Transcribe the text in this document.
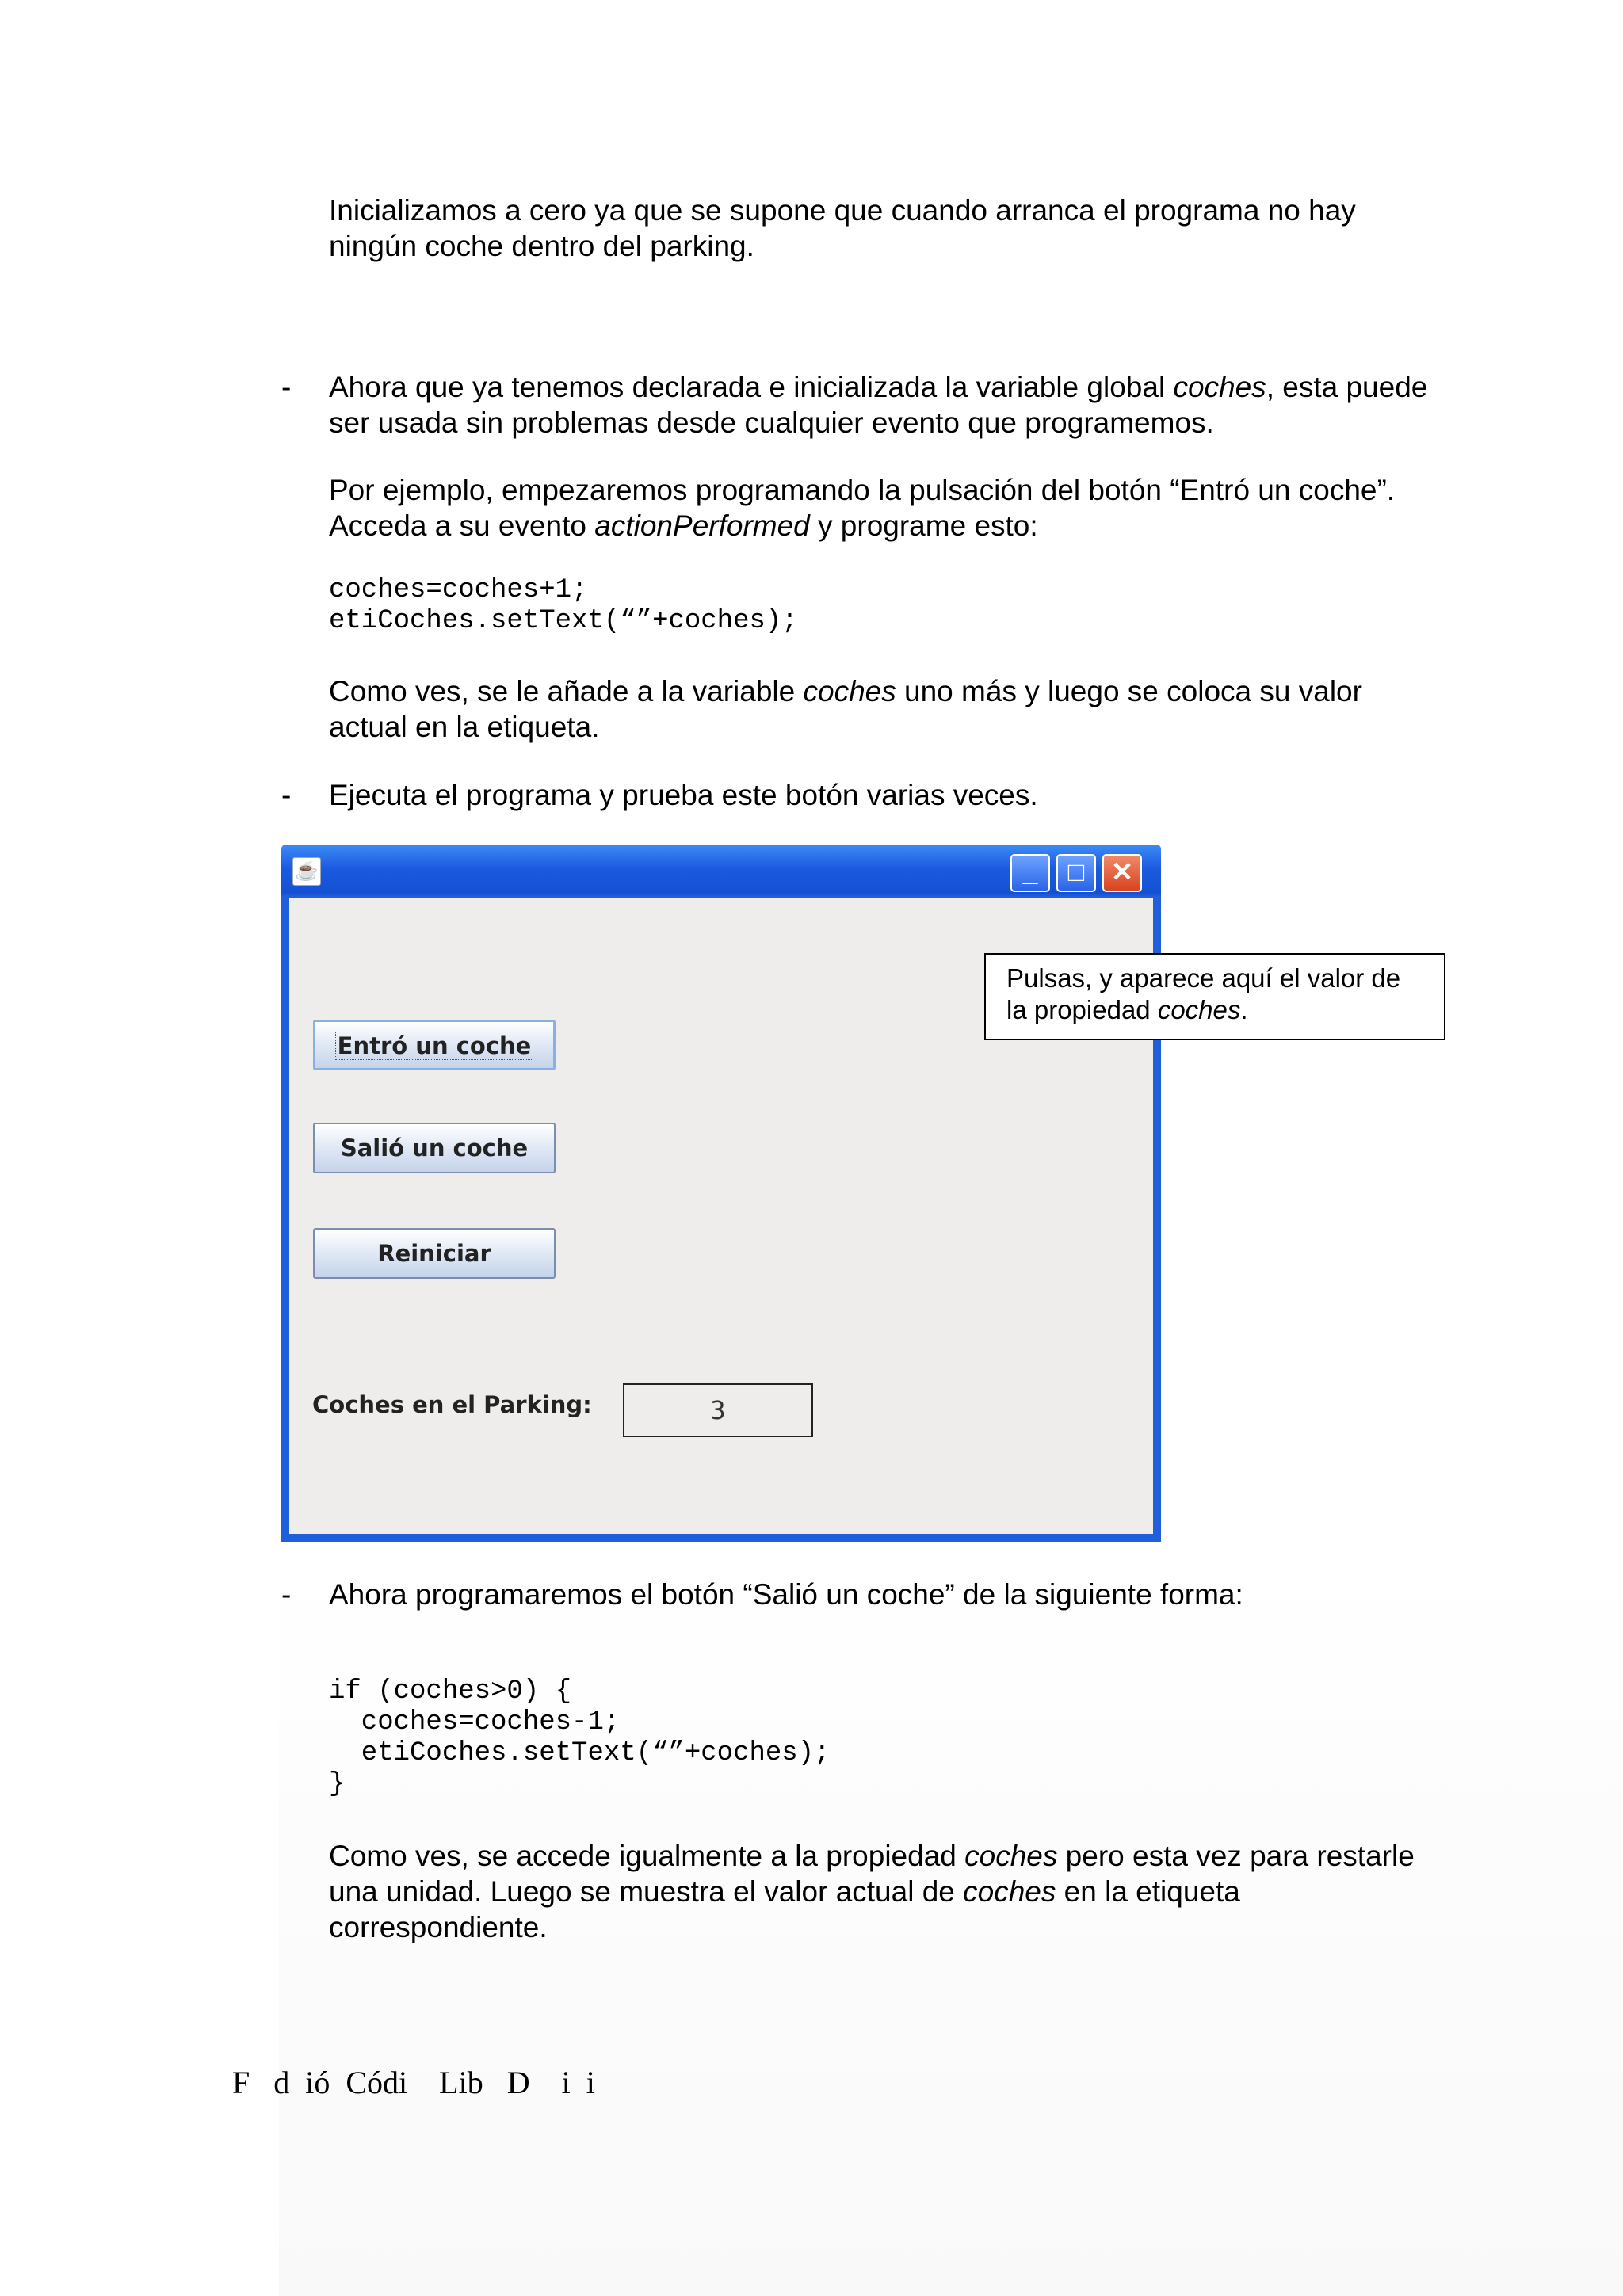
Inicializamos a cero ya que se supone que cuando arranca el programa no hay
ningún coche dentro del parking.

- Ahora que ya tenemos declarada e inicializada la variable global coches, esta puede
ser usada sin problemas desde cualquier evento que programemos.

Por ejemplo, empezaremos programando la pulsación del botón “Entró un coche”.
Acceda a su evento actionPerformed y programe esto:

coches=coches+1;
etiCoches.setText(“”+coches);

Como ves, se le añade a la variable coches uno más y luego se coloca su valor
actual en la etiqueta.

- Ejecuta el programa y prueba este botón varias veces.

☕	_	□ ✕
Entró un coche
Salió un coche
Reiniciar
Coches en el Parking:	3
Pulsas, y aparece aquí el valor de
la propiedad coches.
- Ahora programaremos el botón “Salió un coche” de la siguiente forma:

if (coches>0) {
coches=coches-1;
etiCoches.setText(“”+coches);
}

Como ves, se accede igualmente a la propiedad coches pero esta vez para restarle
una unidad. Luego se muestra el valor actual de coches en la etiqueta
correspondiente.

F   d  ió  Códi    Lib   D    i  i
